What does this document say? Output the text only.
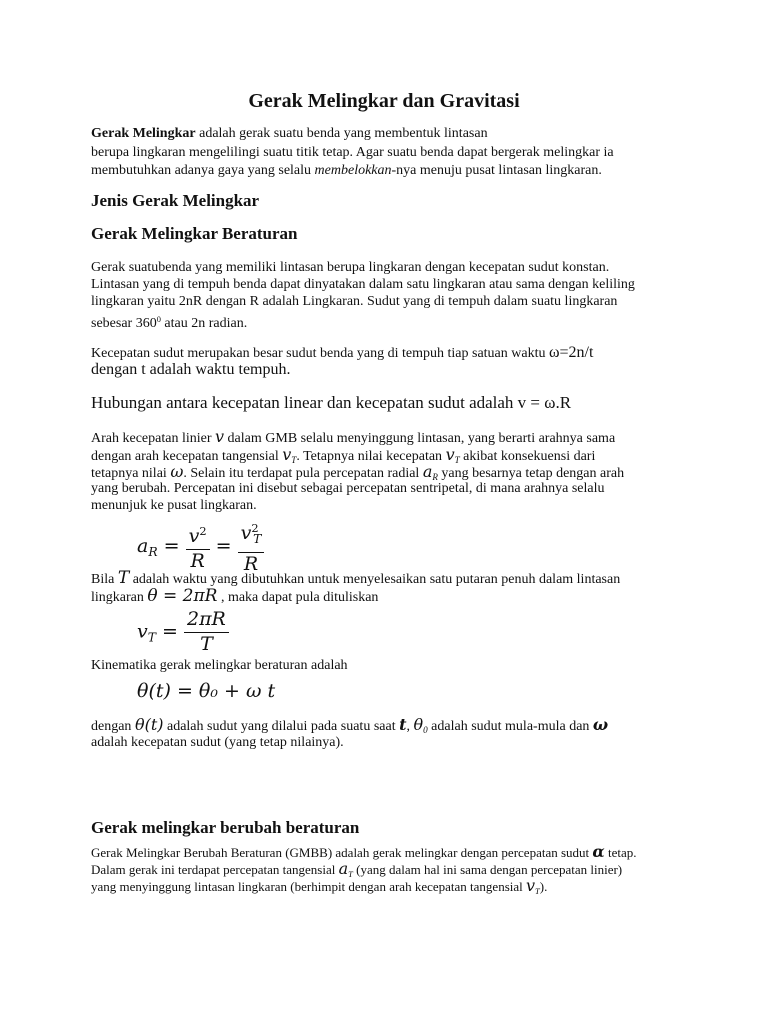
Gerak Melingkar dan Gravitasi
Gerak Melingkar adalah gerak suatu benda yang membentuk lintasan
berupa lingkaran mengelilingi suatu titik tetap. Agar suatu benda dapat bergerak melingkar ia
membutuhkan adanya gaya yang selalu membelokkan-nya menuju pusat lintasan lingkaran.
Jenis Gerak Melingkar
Gerak Melingkar Beraturan
Gerak suatubenda yang memiliki lintasan berupa lingkaran dengan kecepatan sudut konstan.
Lintasan yang di tempuh benda dapat dinyatakan dalam satu lingkaran atau sama dengan keliling
lingkaran yaitu 2nR dengan R adalah Lingkaran. Sudut yang di tempuh dalam suatu lingkaran
sebesar $360^0$ atau 2n radian.
Kecepatan sudut merupakan besar sudut benda yang di tempuh tiap satuan waktu ω=2n/t
dengan t adalah waktu tempuh.
Hubungan antara kecepatan linear dan kecepatan sudut adalah v = ω.R
Arah kecepatan linier v dalam GMB selalu menyinggung lintasan, yang berarti arahnya sama
dengan arah kecepatan tangensial $v_T$. Tetapnya nilai kecepatan $v_T$ akibat konsekuensi dari
tetapnya nilai ω. Selain itu terdapat pula percepatan radial $a_R$ yang besarnya tetap dengan arah
yang berubah. Percepatan ini disebut sebagai percepatan sentripetal, di mana arahnya selalu
menunjuk ke pusat lingkaran.
$a_R = \frac{v^2}{R} = \frac{v^2_T}{R}$
Bila T adalah waktu yang dibutuhkan untuk menyelesaikan satu putaran penuh dalam lintasan
lingkaran θ = 2πR , maka dapat pula dituliskan
$v_T = \frac{2\pi R}{T}$
Kinematika gerak melingkar beraturan adalah
θ(t) = θ₀ + ω t
dengan θ(t) adalah sudut yang dilalui pada suatu saat t, $\theta_0$ adalah sudut mula-mula dan ω
adalah kecepatan sudut (yang tetap nilainya).
Gerak melingkar berubah beraturan
Gerak Melingkar Berubah Beraturan (GMBB) adalah gerak melingkar dengan percepatan sudut α tetap.
Dalam gerak ini terdapat percepatan tangensial $a_T$ (yang dalam hal ini sama dengan percepatan linier)
yang menyinggung lintasan lingkaran (berhimpit dengan arah kecepatan tangensial $v_T$).
